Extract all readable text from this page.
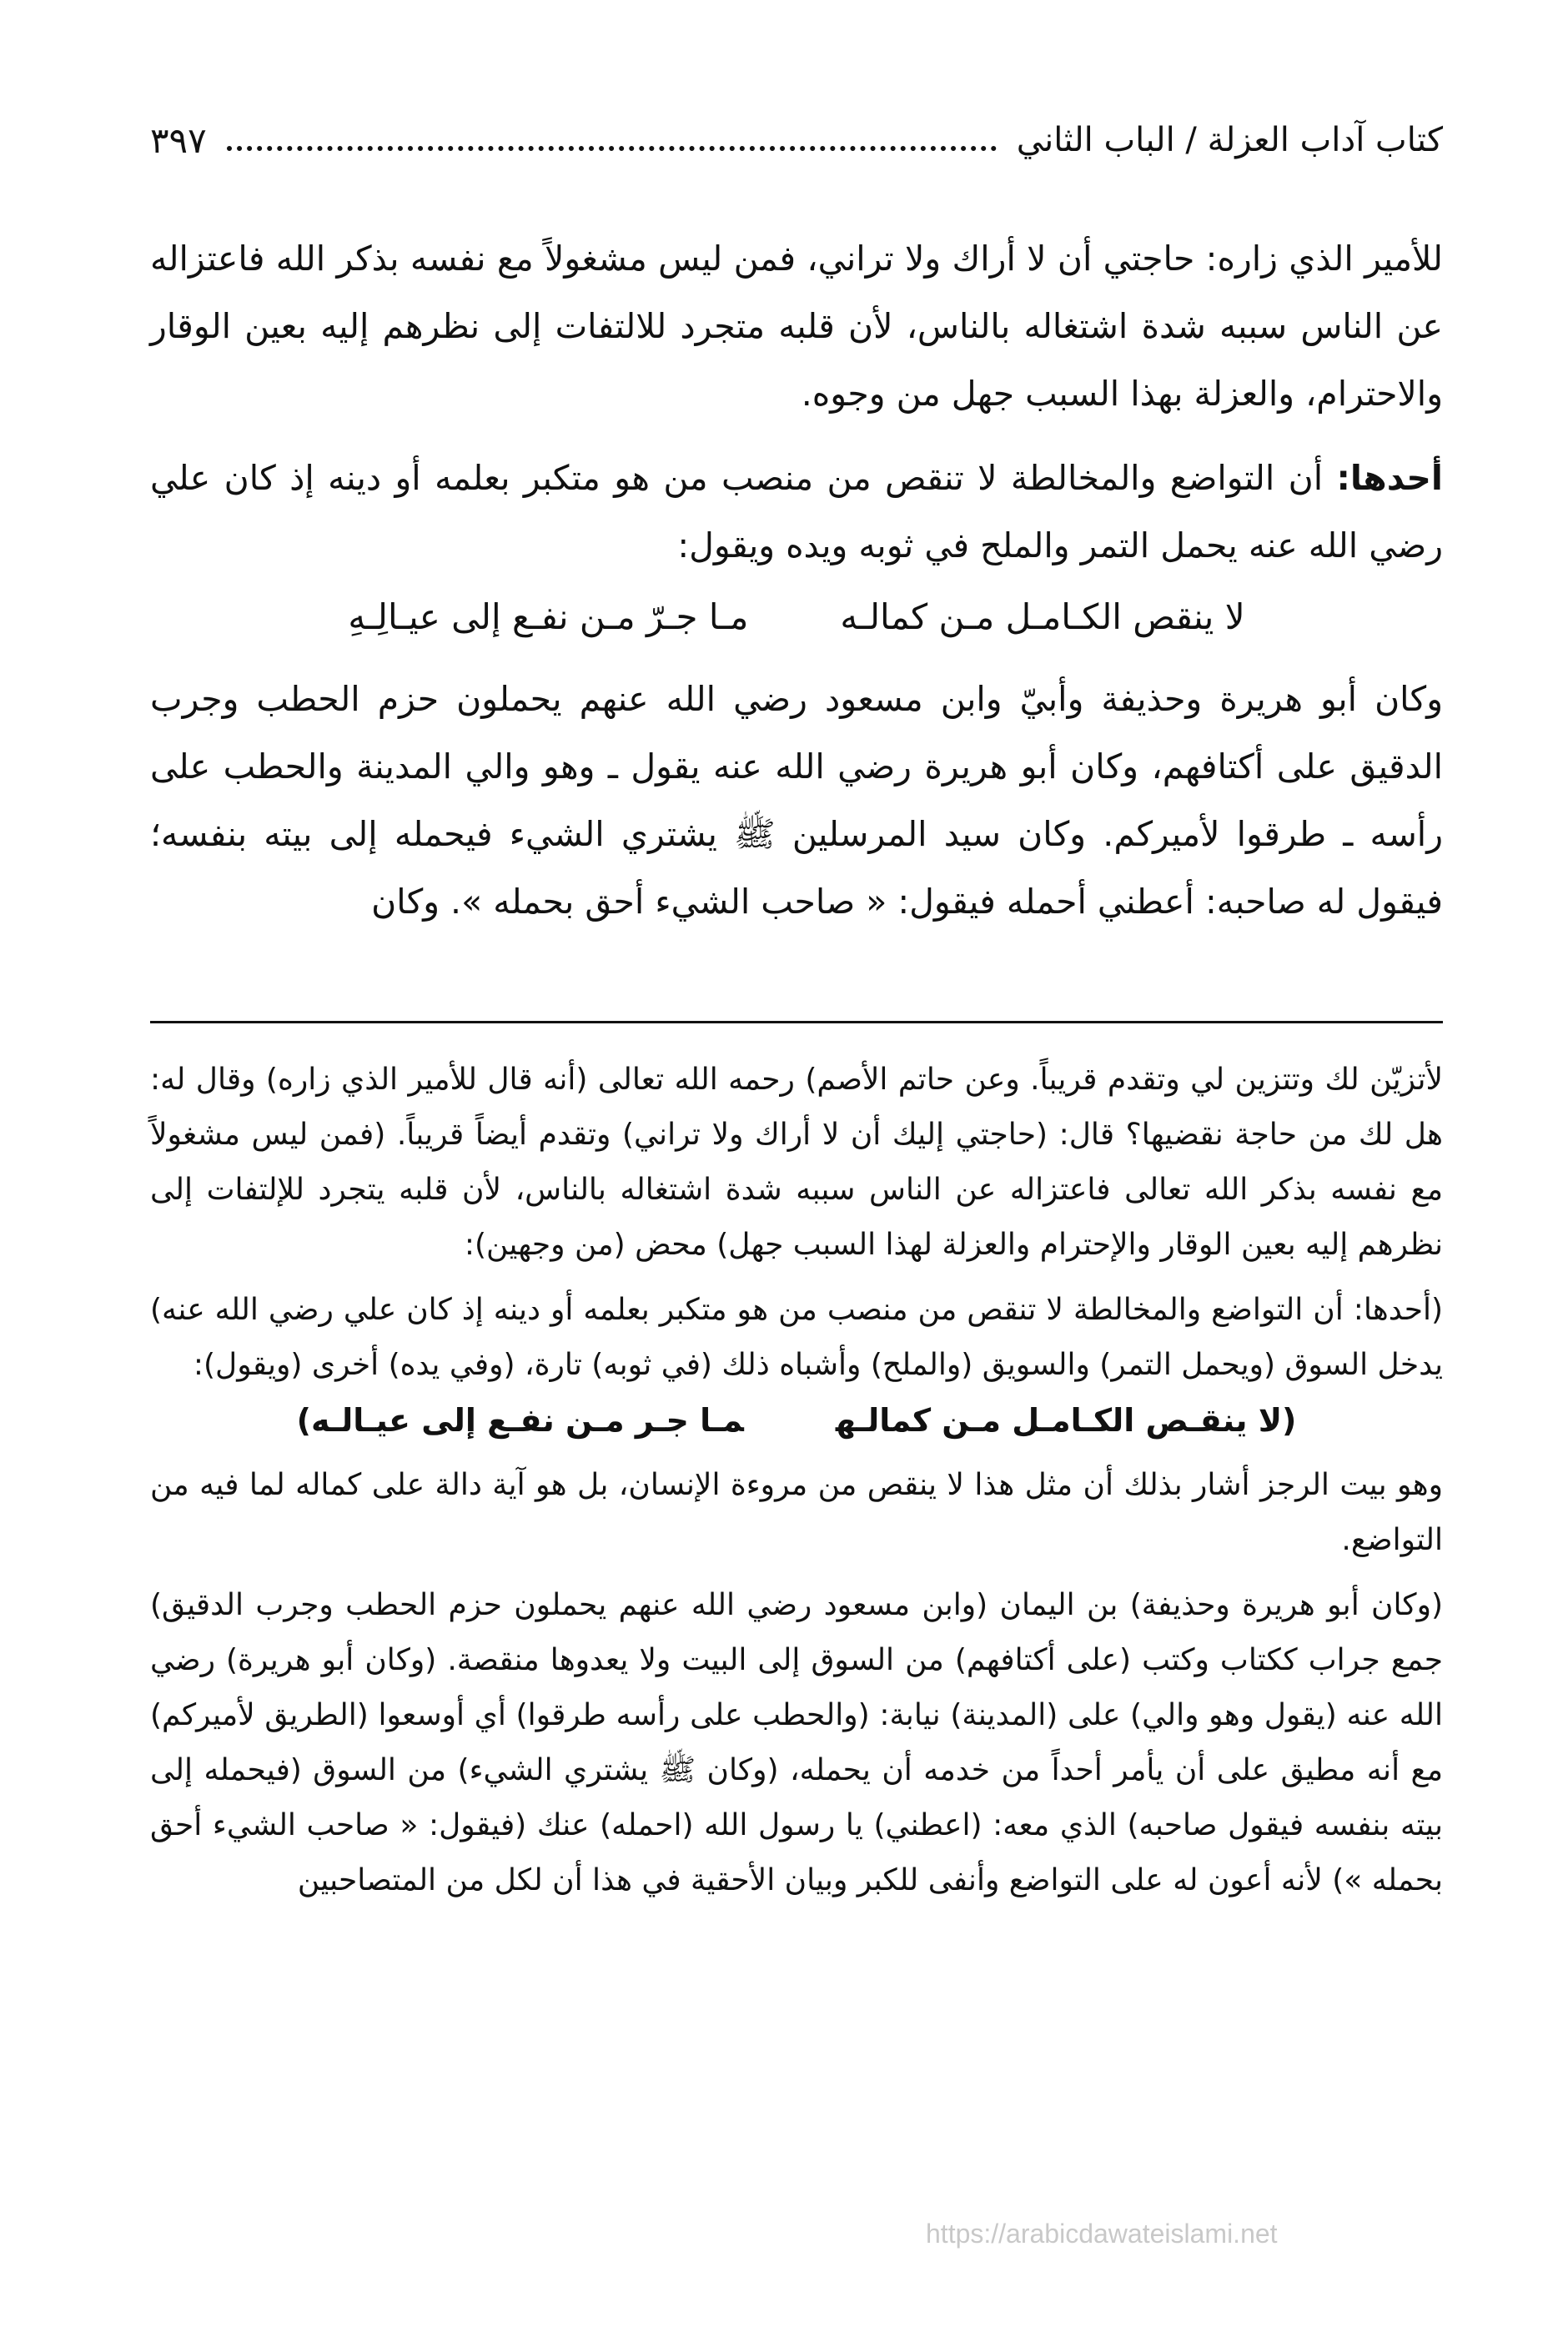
كتاب آداب العزلة / الباب الثاني
٣٩٧

للأمير الذي زاره: حاجتي أن لا أراك ولا تراني، فمن ليس مشغولاً مع نفسه بذكر الله فاعتزاله عن الناس سببه شدة اشتغاله بالناس، لأن قلبه متجرد للالتفات إلى نظرهم إليه بعين الوقار والاحترام، والعزلة بهذا السبب جهل من وجوه.

أحدها: أن التواضع والمخالطة لا تنقص من منصب من هو متكبر بعلمه أو دينه إذ كان علي رضي الله عنه يحمل التمر والملح في ثوبه ويده ويقول:

لا ينقص الكـامـل مـن كمالـه
مـا جـرّ مـن نفـع إلى عيـالِـهِ

وكان أبو هريرة وحذيفة وأبيّ وابن مسعود رضي الله عنهم يحملون حزم الحطب وجرب الدقيق على أكتافهم، وكان أبو هريرة رضي الله عنه يقول ـ وهو والي المدينة والحطب على رأسه ـ طرقوا لأميركم. وكان سيد المرسلين ﷺ يشتري الشيء فيحمله إلى بيته بنفسه؛ فيقول له صاحبه: أعطني أحمله فيقول: « صاحب الشيء أحق بحمله ». وكان

لأتزيّن لك وتتزين لي وتقدم قريباً. وعن حاتم الأصم) رحمه الله تعالى (أنه قال للأمير الذي زاره) وقال له: هل لك من حاجة نقضيها؟ قال: (حاجتي إليك أن لا أراك ولا تراني) وتقدم أيضاً قريباً. (فمن ليس مشغولاً مع نفسه بذكر الله تعالى فاعتزاله عن الناس سببه شدة اشتغاله بالناس، لأن قلبه يتجرد للإلتفات إلى نظرهم إليه بعين الوقار والإحترام والعزلة لهذا السبب جهل) محض (من وجهين):

(أحدها: أن التواضع والمخالطة لا تنقص من منصب من هو متكبر بعلمه أو دينه إذ كان علي رضي الله عنه) يدخل السوق (ويحمل التمر) والسويق (والملح) وأشباه ذلك (في ثوبه) تارة، (وفي يده) أخرى (ويقول):

(لا ينقـص الكـامـل مـن كمالـهمـا جـر مـن نفـع إلى عيـالـه)

وهو بيت الرجز أشار بذلك أن مثل هذا لا ينقص من مروءة الإنسان، بل هو آية دالة على كماله لما فيه من التواضع.

(وكان أبو هريرة وحذيفة) بن اليمان (وابن مسعود رضي الله عنهم يحملون حزم الحطب وجرب الدقيق) جمع جراب ككتاب وكتب (على أكتافهم) من السوق إلى البيت ولا يعدوها منقصة. (وكان أبو هريرة) رضي الله عنه (يقول وهو والي) على (المدينة) نيابة: (والحطب على رأسه طرقوا) أي أوسعوا (الطريق لأميركم) مع أنه مطيق على أن يأمر أحداً من خدمه أن يحمله، (وكان ﷺ يشتري الشيء) من السوق (فيحمله إلى بيته بنفسه فيقول صاحبه) الذي معه: (اعطني) يا رسول الله (احمله) عنك (فيقول: « صاحب الشيء أحق بحمله ») لأنه أعون له على التواضع وأنفى للكبر وبيان الأحقية في هذا أن لكل من المتصاحبين

https://arabicdawateislami.net
